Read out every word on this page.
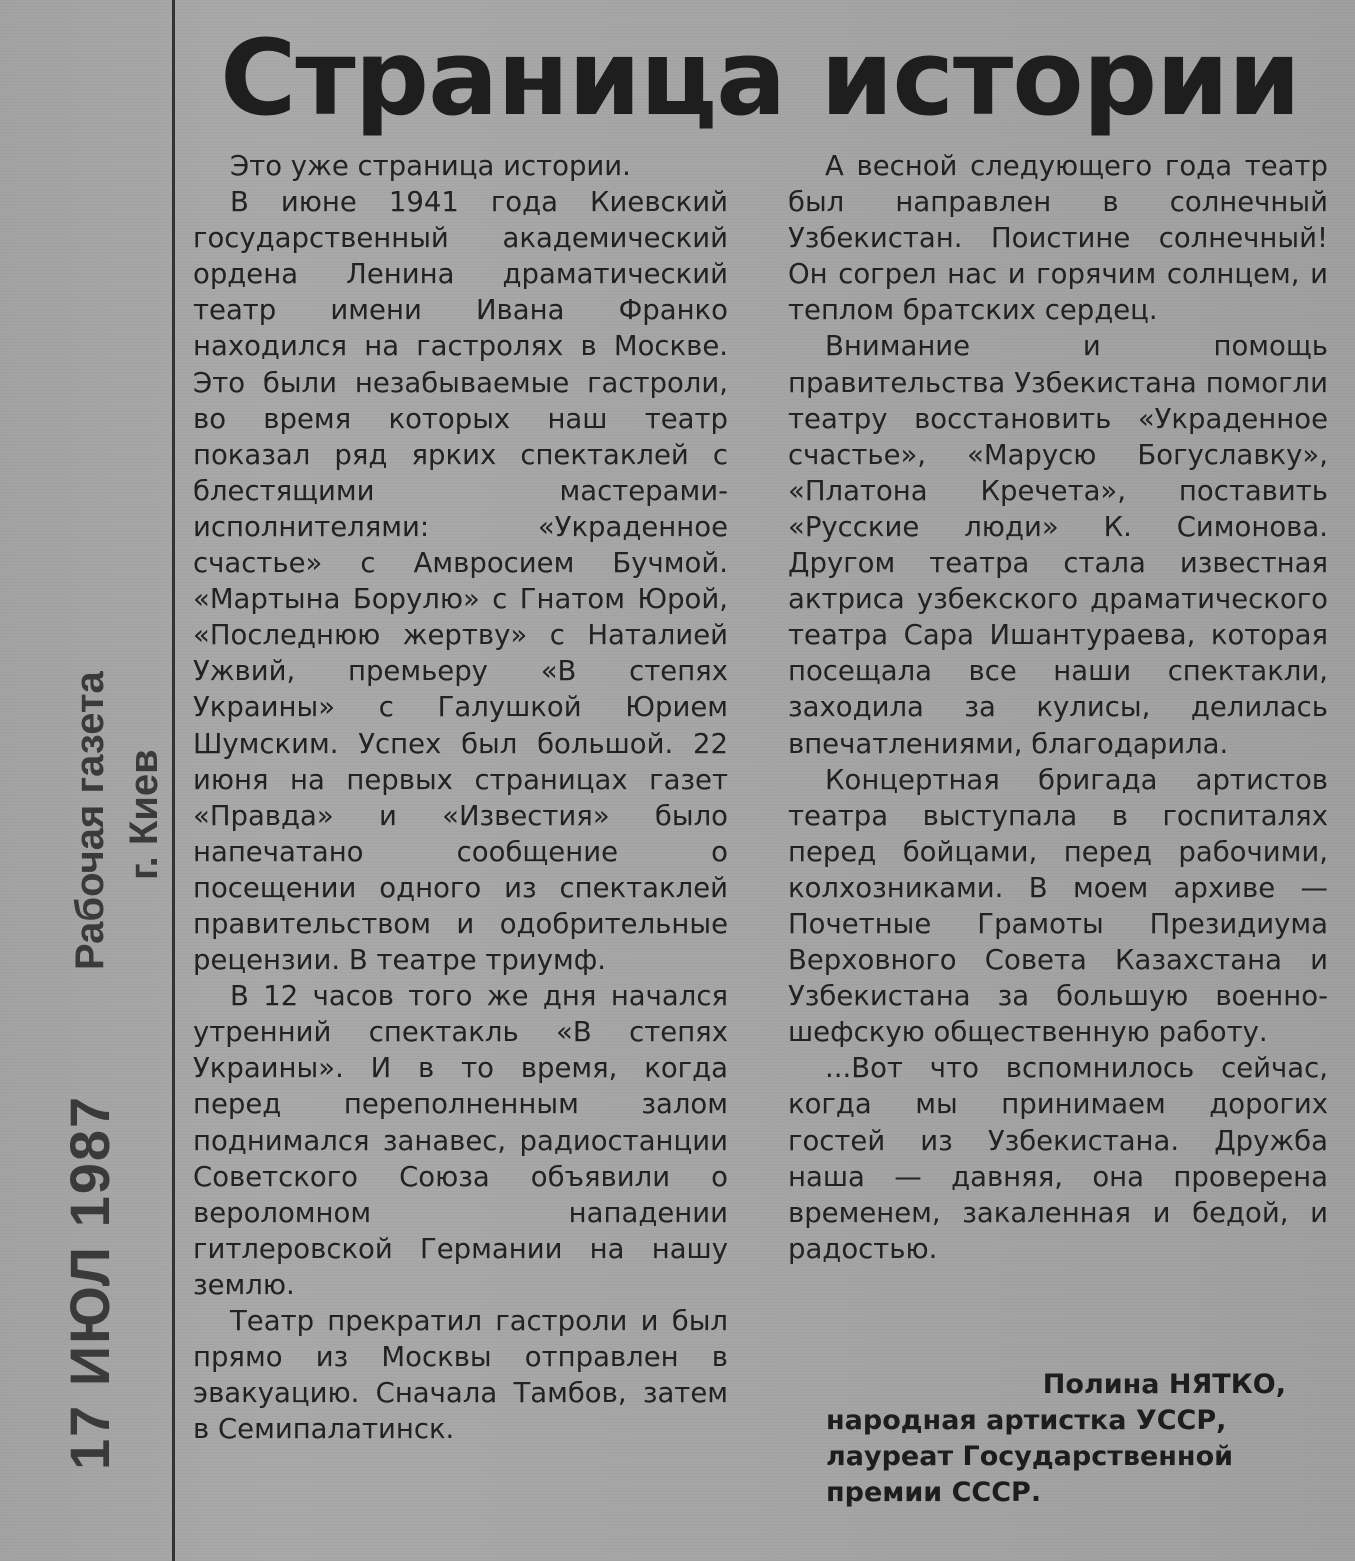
17 ИЮЛ 1987
Рабочая газета г. Киев
Страница истории

Это уже страница истории.

В июне 1941 года Киевский государственный академический ордена Ленина драматический театр имени Ивана Франко находился на гастролях в Москве. Это были незабываемые гастроли, во время которых наш театр показал ряд ярких спектаклей с блестящими мастерами-исполнителями: «Украденное счастье» с Амвросием Бучмой. «Мартына Борулю» с Гнатом Юрой, «Последнюю жертву» с Наталией Ужвий, премьеру «В степях Украины» с Галушкой Юрием Шумским. Успех был большой. 22 июня на первых страницах газет «Правда» и «Известия» было напечатано сообщение о посещении одного из спектаклей правительством и одобрительные рецензии. В театре триумф.

В 12 часов того же дня начался утренний спектакль «В степях Украины». И в то время, когда перед переполненным залом поднимался занавес, радиостанции Советского Союза объявили о вероломном нападении гитлеровской Германии на нашу землю.

Театр прекратил гастроли и был прямо из Москвы отправлен в эвакуацию. Сначала Тамбов, затем в Семипалатинск.

А весной следующего года театр был направлен в солнечный Узбекистан. Поистине солнечный! Он согрел нас и горячим солнцем, и теплом братских сердец.

Внимание и помощь правительства Узбекистана помогли театру восстановить «Украденное счастье», «Марусю Богуславку», «Платона Кречета», поставить «Русские люди» К. Симонова. Другом театра стала известная актриса узбекского драматического театра Сара Ишантураева, которая посещала все наши спектакли, заходила за кулисы, делилась впечатлениями, благодарила.

Концертная бригада артистов театра выступала в госпиталях перед бойцами, перед рабочими, колхозниками. В моем архиве — Почетные Грамоты Президиума Верховного Совета Казахстана и Узбекистана за большую военно-шефскую общественную работу.

...Вот что вспомнилось сейчас, когда мы принимаем дорогих гостей из Узбекистана. Дружба наша — давняя, она проверена временем, закаленная и бедой, и радостью.

Полина НЯТКО,
народная артистка УССР,
лауреат Государственной
премии СССР.
